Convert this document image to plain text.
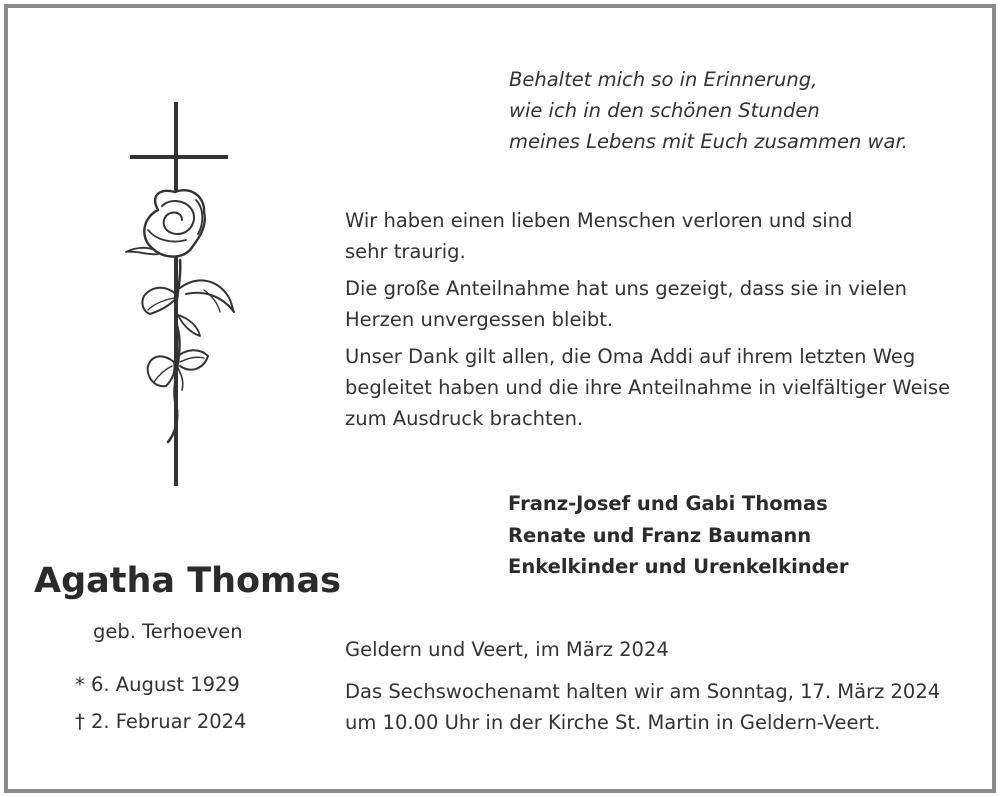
Behaltet mich so in Erinnerung,
wie ich in den schönen Stunden
meines Lebens mit Euch zusammen war.

Wir haben einen lieben Menschen verloren und sind sehr traurig.

Die große Anteilnahme hat uns gezeigt, dass sie in vielen Herzen unvergessen bleibt.

Unser Dank gilt allen, die Oma Addi auf ihrem letzten Weg begleitet haben und die ihre Anteilnahme in vielfältiger Weise zum Ausdruck brachten.

Franz-Josef und Gabi Thomas
Renate und Franz Baumann
Enkelkinder und Urenkelkinder
Agatha Thomas
geb. Terhoeven
* 6. August 1929
† 2. Februar 2024
Geldern und Veert, im März 2024
Das Sechswochenamt halten wir am Sonntag, 17. März 2024
um 10.00 Uhr in der Kirche St. Martin in Geldern-Veert.
